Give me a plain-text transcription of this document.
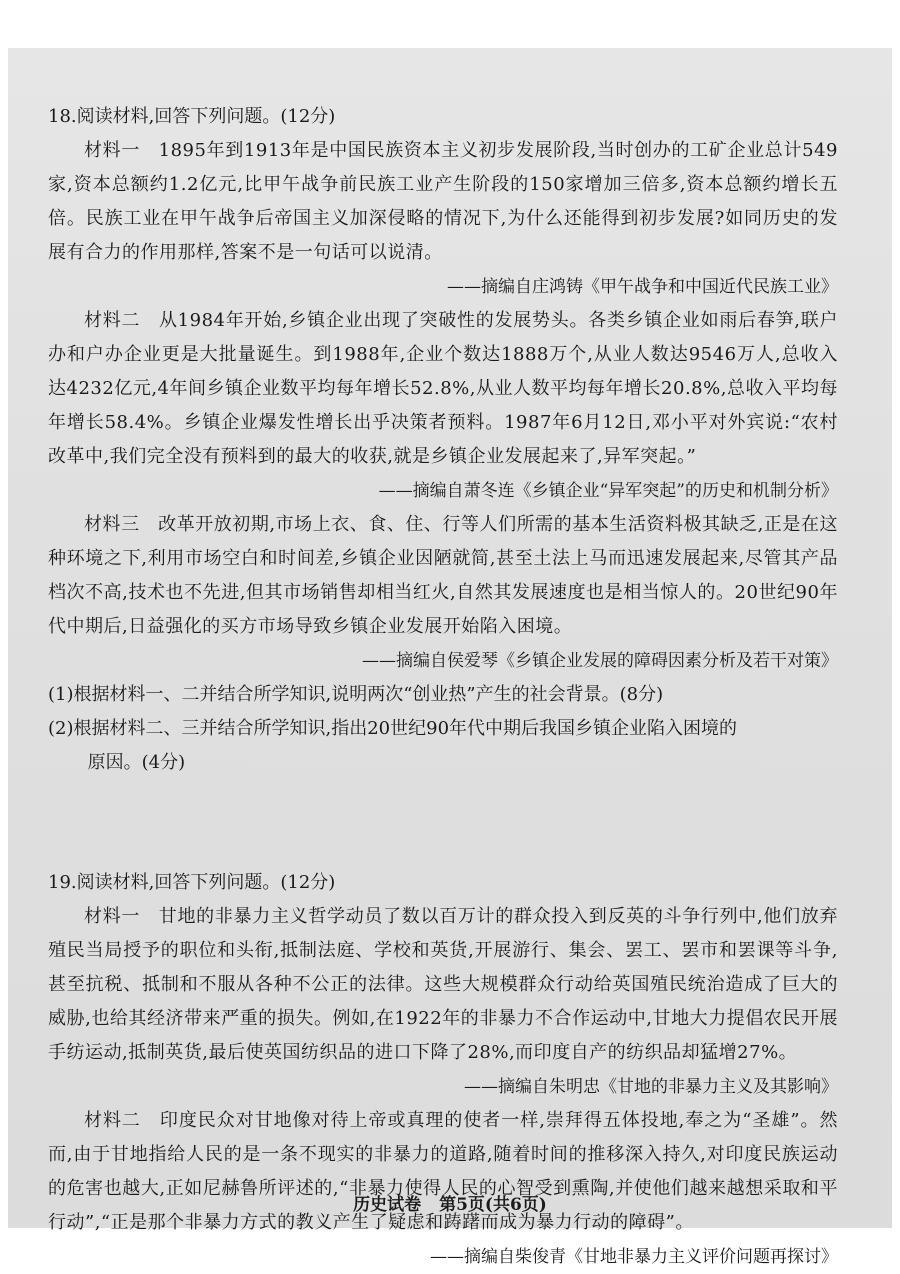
18.阅读材料,回答下列问题。(12分)

材料一　1895年到1913年是中国民族资本主义初步发展阶段,当时创办的工矿企业总计549家,资本总额约1.2亿元,比甲午战争前民族工业产生阶段的150家增加三倍多,资本总额约增长五倍。民族工业在甲午战争后帝国主义加深侵略的情况下,为什么还能得到初步发展?如同历史的发展有合力的作用那样,答案不是一句话可以说清。

——摘编自庄鸿铸《甲午战争和中国近代民族工业》

材料二　从1984年开始,乡镇企业出现了突破性的发展势头。各类乡镇企业如雨后春笋,联户办和户办企业更是大批量诞生。到1988年,企业个数达1888万个,从业人数达9546万人,总收入达4232亿元,4年间乡镇企业数平均每年增长52.8%,从业人数平均每年增长20.8%,总收入平均每年增长58.4%。乡镇企业爆发性增长出乎决策者预料。1987年6月12日,邓小平对外宾说:“农村改革中,我们完全没有预料到的最大的收获,就是乡镇企业发展起来了,异军突起。”

——摘编自萧冬连《乡镇企业“异军突起”的历史和机制分析》

材料三　改革开放初期,市场上衣、食、住、行等人们所需的基本生活资料极其缺乏,正是在这种环境之下,利用市场空白和时间差,乡镇企业因陋就简,甚至土法上马而迅速发展起来,尽管其产品档次不高,技术也不先进,但其市场销售却相当红火,自然其发展速度也是相当惊人的。20世纪90年代中期后,日益强化的买方市场导致乡镇企业发展开始陷入困境。

——摘编自侯爱琴《乡镇企业发展的障碍因素分析及若干对策》

(1)根据材料一、二并结合所学知识,说明两次“创业热”产生的社会背景。(8分)

(2)根据材料二、三并结合所学知识,指出20世纪90年代中期后我国乡镇企业陷入困境的

原因。(4分)

19.阅读材料,回答下列问题。(12分)

材料一　甘地的非暴力主义哲学动员了数以百万计的群众投入到反英的斗争行列中,他们放弃殖民当局授予的职位和头衔,抵制法庭、学校和英货,开展游行、集会、罢工、罢市和罢课等斗争,甚至抗税、抵制和不服从各种不公正的法律。这些大规模群众行动给英国殖民统治造成了巨大的威胁,也给其经济带来严重的损失。例如,在1922年的非暴力不合作运动中,甘地大力提倡农民开展手纺运动,抵制英货,最后使英国纺织品的进口下降了28%,而印度自产的纺织品却猛增27%。

——摘编自朱明忠《甘地的非暴力主义及其影响》

材料二　印度民众对甘地像对待上帝或真理的使者一样,崇拜得五体投地,奉之为“圣雄”。然而,由于甘地指给人民的是一条不现实的非暴力的道路,随着时间的推移深入持久,对印度民族运动的危害也越大,正如尼赫鲁所评述的,“非暴力使得人民的心智受到熏陶,并使他们越来越想采取和平行动”,“正是那个非暴力方式的教义产生了疑虑和踌躇而成为暴力行动的障碍”。

——摘编自柴俊青《甘地非暴力主义评价问题再探讨》

历史试卷 第5页(共6页)
